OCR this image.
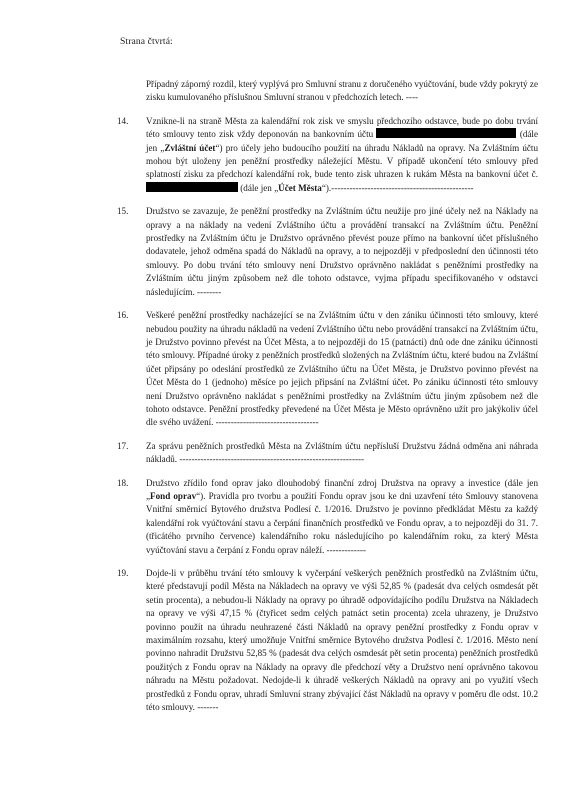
Strana čtvrtá:

Případný záporný rozdíl, který vyplývá pro Smluvní stranu z doručeného vyúčtování, bude vždy pokrytý ze zisku kumulovaného příslušnou Smluvní stranou v předchozích letech. ----

14. Vznikne-li na straně Města za kalendářní rok zisk ve smyslu předchozího odstavce, bude po dobu trvání této smlouvy tento zisk vždy deponován na bankovním účtu	(dále jen „Zvláštní účet“) pro účely jeho budoucího použití na úhradu Nákladů na opravy. Na Zvláštním účtu mohou být uloženy jen peněžní prostředky náležející Městu. V případě ukončení této smlouvy před splatností zisku za předchozí kalendářní rok, bude tento zisk uhrazen k rukám Města na bankovní účet č.  (dále jen „Účet Města“).-----------------------------------------------
15. Družstvo se zavazuje, že peněžní prostředky na Zvláštním účtu neužije pro jiné účely než na Náklady na opravy a na náklady na vedení Zvláštního účtu a provádění transakcí na Zvláštním účtu. Peněžní prostředky na Zvláštním účtu je Družstvo oprávněno převést pouze přímo na bankovní účet příslušného dodavatele, jehož odměna spadá do Nákladů na opravy, a to nejpozději v předposlední den účinnosti této smlouvy. Po dobu trvání této smlouvy není Družstvo oprávněno nakládat s peněžními prostředky na Zvláštním účtu jiným způsobem než dle tohoto odstavce, vyjma případu specifikovaného v odstavci následujícím. --------
16. Veškeré peněžní prostředky nacházející se na Zvláštním účtu v den zániku účinnosti této smlouvy, které nebudou použity na úhradu nákladů na vedení Zvláštního účtu nebo provádění transakcí na Zvláštním účtu, je Družstvo povinno převést na Účet Města, a to nejpozději do 15 (patnácti) dnů ode dne zániku účinnosti této smlouvy. Případné úroky z peněžních prostředků složených na Zvláštním účtu, které budou na Zvláštní účet připsány po odeslání prostředků ze Zvláštního účtu na Účet Města, je Družstvo povinno převést na Účet Města do 1 (jednoho) měsíce po jejich připsání na Zvláštní účet. Po zániku účinnosti této smlouvy není Družstvo oprávněno nakládat s peněžními prostředky na Zvláštním účtu jiným způsobem než dle tohoto odstavce. Peněžní prostředky převedené na Účet Města je Město oprávněno užít pro jakýkoliv účel dle svého uvážení. ----------------------------------
17. Za správu peněžních prostředků Města na Zvláštním účtu nepřísluší Družstvu žádná odměna ani náhrada nákladů. -------------------------------------------------------------
18. Družstvo zřídilo fond oprav jako dlouhodobý finanční zdroj Družstva na opravy a investice (dále jen „Fond oprav“). Pravidla pro tvorbu a použití Fondu oprav jsou ke dni uzavření této Smlouvy stanovena Vnitřní směrnicí Bytového družstva Podlesí č. 1/2016. Družstvo je povinno předkládat Městu za každý kalendářní rok vyúčtování stavu a čerpání finančních prostředků ve Fondu oprav, a to nejpozději do 31. 7. (třicátého prvního července) kalendářního roku následujícího po kalendářním roku, za který Města vyúčtování stavu a čerpání z Fondu oprav náleží. -------------
19. Dojde-li v průběhu trvání této smlouvy k vyčerpání veškerých peněžních prostředků na Zvláštním účtu, které představují podíl Města na Nákladech na opravy ve výši 52,85 % (padesát dva celých osmdesát pět setin procenta), a nebudou-li Náklady na opravy po úhradě odpovídajícího podílu Družstva na Nákladech na opravy ve výši 47,15 % (čtyřicet sedm celých patnáct setin procenta) zcela uhrazeny, je Družstvo povinno použít na úhradu neuhrazené části Nákladů na opravy peněžní prostředky z Fondu oprav v maximálním rozsahu, který umožňuje Vnitřní směrnice Bytového družstva Podlesí č. 1/2016. Město není povinno nahradit Družstvu 52,85 % (padesát dva celých osmdesát pět setin procenta) peněžních prostředků použitých z Fondu oprav na Náklady na opravy dle předchozí věty a Družstvo není oprávněno takovou náhradu na Městu požadovat. Nedojde-li k úhradě veškerých Nákladů na opravy ani po využití všech prostředků z Fondu oprav, uhradí Smluvní strany zbývající část Nákladů na opravy v poměru dle odst. 10.2 této smlouvy. -------
